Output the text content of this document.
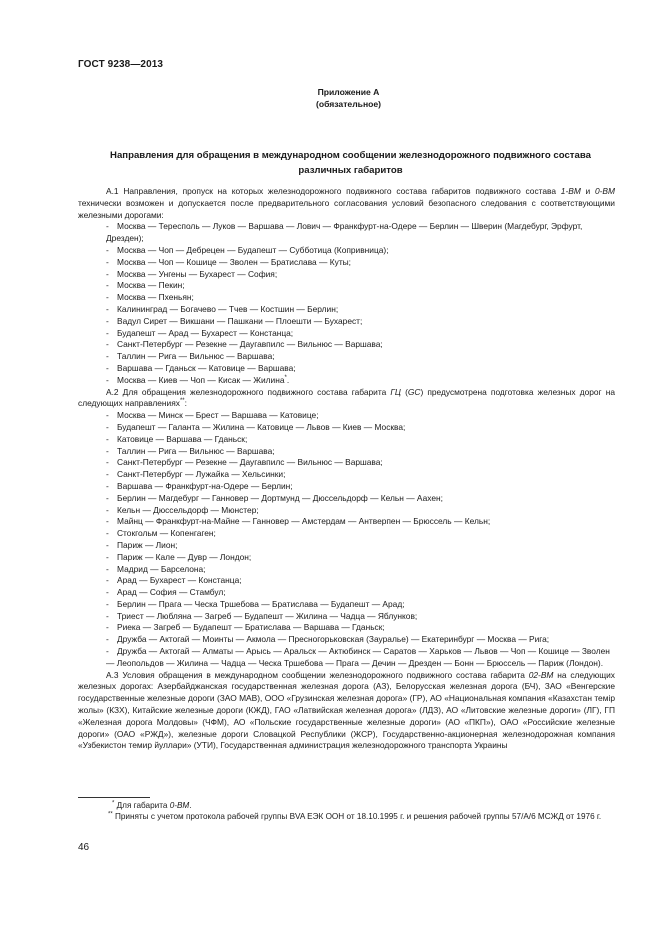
ГОСТ 9238—2013
Приложение А
(обязательное)
Направления для обращения в международном сообщении железнодорожного подвижного состава различных габаритов

А.1 Направления, пропуск на которых железнодорожного подвижного состава габаритов подвижного состава 1-ВМ и 0-ВМ технически возможен и допускается после предварительного согласования условий безопасного следования с соответствующими железными дорогами:

- Москва — Тересполь — Луков — Варшава — Лович — Франкфурт-на-Одере — Берлин — Шверин (Магдебург, Эрфурт, Дрезден);

- Москва — Чоп — Дебрецен — Будапешт — Субботица (Копривница);

- Москва — Чоп — Кошице — Зволен — Братислава — Куты;

- Москва — Унгены — Бухарест — София;

- Москва — Пекин;

- Москва — Пхеньян;

- Калининград — Богачево — Тчев — Костшин — Берлин;

- Вадул Сирет — Викшани — Пашкани — Плоешти — Бухарест;

- Будапешт — Арад — Бухарест — Констанца;

- Санкт-Петербург — Резекне — Даугавпилс — Вильнюс — Варшава;

- Таллин — Рига — Вильнюс — Варшава;

- Варшава — Гданьск — Катовице — Варшава;

- Москва — Киев — Чоп — Кисак — Жилина*.

А.2 Для обращения железнодорожного подвижного состава габарита ГЦ (GC) предусмотрена подготовка железных дорог на следующих направлениях**:

- Москва — Минск — Брест — Варшава — Катовице;

- Будапешт — Галанта — Жилина — Катовице — Львов — Киев — Москва;

- Катовице — Варшава — Гданьск;

- Таллин — Рига — Вильнюс — Варшава;

- Санкт-Петербург — Резекне — Даугавпилс — Вильнюс — Варшава;

- Санкт-Петербург — Лужайка — Хельсинки;

- Варшава — Франкфурт-на-Одере — Берлин;

- Берлин — Магдебург — Ганновер — Дортмунд — Дюссельдорф — Кельн — Аахен;

- Кельн — Дюссельдорф — Мюнстер;

- Майнц — Франкфурт-на-Майне — Ганновер — Амстердам — Антверпен — Брюссель — Кельн;

- Стокгольм — Копенгаген;

- Париж — Лион;

- Париж — Кале — Дувр — Лондон;

- Мадрид — Барселона;

- Арад — Бухарест — Констанца;

- Арад — София — Стамбул;

- Берлин — Прага — Ческа Тршебова — Братислава — Будапешт — Арад;

- Триест — Любляна — Загреб — Будапешт — Жилина — Чадца — Яблунков;

- Риека — Загреб — Будапешт — Братислава — Варшава — Гданьск;

- Дружба — Актогай — Моинты — Акмола — Пресногорьковская (Зауралье) — Екатеринбург — Москва — Рига;

- Дружба — Актогай — Алматы — Арысь — Аральск — Актюбинск — Саратов — Харьков — Львов — Чоп — Кошице — Зволен — Леопольдов — Жилина — Чадца — Ческа Тршебова — Прага — Дечин — Дрезден — Бонн — Брюссель — Париж (Лондон).

А.3 Условия обращения в международном сообщении железнодорожного подвижного состава габарита 02-ВМ на следующих железных дорогах: Азербайджанская государственная железная дорога (АЗ), Белорусская железная дорога (БЧ), ЗАО «Венгерские государственные железные дороги (ЗАО МАВ), ООО «Грузинская железная дорога» (ГР), АО «Национальная компания «Казахстан темiр жолы» (КЗХ), Китайские железные дороги (КЖД), ГАО «Латвийская железная дорога» (ЛДЗ), АО «Литовские железные дороги» (ЛГ), ГП «Железная дорога Молдовы» (ЧФМ), АО «Польские государственные железные дороги» (АО «ПКП»), ОАО «Российские железные дороги» (ОАО «РЖД»), железные дороги Словацкой Республики (ЖСР), Государственно-акционерная железнодорожная компания «Узбекистон темир йуллари» (УТИ), Государственная администрация железнодорожного транспорта Украины

* Для габарита 0-ВМ.

** Приняты с учетом протокола рабочей группы BVA ЕЭК ООН от 18.10.1995 г. и решения рабочей группы 57/А/6 МСЖД от 1976 г.

46
